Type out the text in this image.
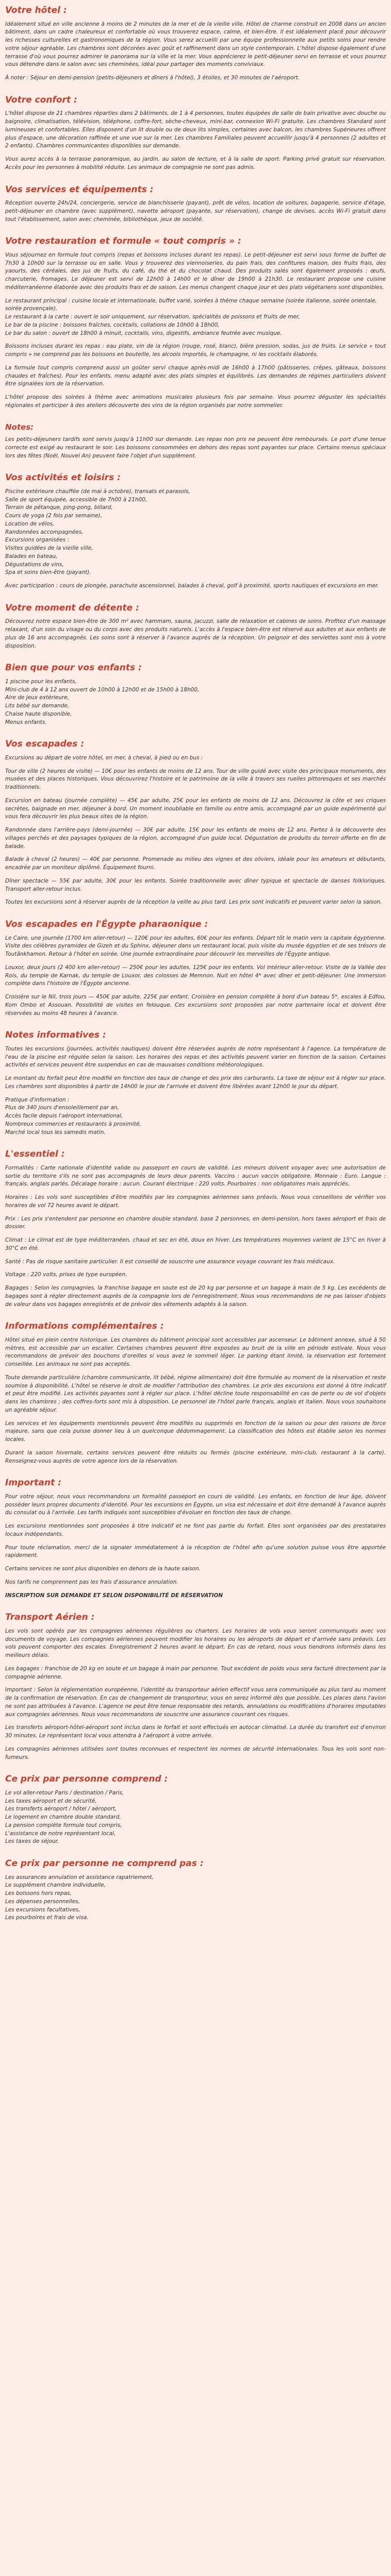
Votre hôtel :

Idéalement situé en ville ancienne à moins de 2 minutes de la mer et de la vieille ville. Hôtel de charme construit en 2008 dans un ancien bâtiment, dans un cadre chaleureux et confortable où vous trouverez espace, calme, et bien-être. Il est idéalement placé pour découvrir les richesses culturelles et gastronomiques de la région. Vous serez accueilli par une équipe professionnelle aux petits soins pour rendre votre séjour agréable. Les chambres sont décorées avec goût et raffinement dans un style contemporain. L'hôtel dispose également d'une terrasse d'où vous pourrez admirer le panorama sur la ville et la mer. Vous apprécierez le petit-déjeuner servi en terrasse et vous pourrez vous détendre dans le salon avec ses cheminées, idéal pour partager des moments conviviaux.

À noter : Séjour en demi-pension (petits-déjeuners et dîners à l'hôtel), 3 étoiles, et 30 minutes de l'aéroport.

Votre confort :

L'hôtel dispose de 21 chambres réparties dans 2 bâtiments, de 1 à 4 personnes, toutes équipées de salle de bain privative avec douche ou baignoire, climatisation, télévision, téléphone, coffre-fort, sèche-cheveux, mini-bar, connexion Wi-Fi gratuite. Les chambres Standard sont lumineuses et confortables. Elles disposent d'un lit double ou de deux lits simples, certaines avec balcon, les chambres Supérieures offrent plus d'espace, une décoration raffinée et une vue sur la mer. Les chambres Familiales peuvent accueillir jusqu'à 4 personnes (2 adultes et 2 enfants). Chambres communicantes disponibles sur demande.

Vous aurez accès à la terrasse panoramique, au jardin, au salon de lecture, et à la salle de sport. Parking privé gratuit sur réservation. Accès pour les personnes à mobilité réduite. Les animaux de compagnie ne sont pas admis.

Vos services et équipements :

Réception ouverte 24h/24, conciergerie, service de blanchisserie (payant), prêt de vélos, location de voitures, bagagerie, service d'étage, petit-déjeuner en chambre (avec supplément), navette aéroport (payante, sur réservation), change de devises, accès Wi-Fi gratuit dans tout l'établissement, salon avec cheminée, bibliothèque, jeux de société.

Votre restauration et formule « tout compris » :

Vous séjournez en formule tout compris (repas et boissons incluses durant les repas). Le petit-déjeuner est servi sous forme de buffet de 7h30 à 10h00 sur la terrasse ou en salle. Vous y trouverez des viennoiseries, du pain frais, des confitures maison, des fruits frais, des yaourts, des céréales, des jus de fruits, du café, du thé et du chocolat chaud. Des produits salés sont également proposés : œufs, charcuterie, fromages. Le déjeuner est servi de 12h00 à 14h00 et le dîner de 19h00 à 21h30. Le restaurant propose une cuisine méditerranéenne élaborée avec des produits frais et de saison. Les menus changent chaque jour et des plats végétariens sont disponibles.

Le restaurant principal : cuisine locale et internationale, buffet varié, soirées à thème chaque semaine (soirée italienne, soirée orientale, soirée provençale),
Le restaurant à la carte : ouvert le soir uniquement, sur réservation, spécialités de poissons et fruits de mer,
Le bar de la piscine : boissons fraîches, cocktails, collations de 10h00 à 18h00,
Le bar du salon : ouvert de 18h00 à minuit, cocktails, vins, digestifs, ambiance feutrée avec musique.

Boissons incluses durant les repas : eau plate, vin de la région (rouge, rosé, blanc), bière pression, sodas, jus de fruits. Le service « tout compris » ne comprend pas les boissons en bouteille, les alcools importés, le champagne, ni les cocktails élaborés.

La formule tout compris comprend aussi un goûter servi chaque après-midi de 16h00 à 17h00 (pâtisseries, crêpes, gâteaux, boissons chaudes et fraîches). Pour les enfants, menu adapté avec des plats simples et équilibrés. Les demandes de régimes particuliers doivent être signalées lors de la réservation.

L'hôtel propose des soirées à thème avec animations musicales plusieurs fois par semaine. Vous pourrez déguster les spécialités régionales et participer à des ateliers découverte des vins de la région organisés par notre sommelier.

Notes:

Les petits-déjeuners tardifs sont servis jusqu'à 11h00 sur demande. Les repas non pris ne peuvent être remboursés. Le port d'une tenue correcte est exigé au restaurant le soir. Les boissons consommées en dehors des repas sont payantes sur place. Certains menus spéciaux lors des fêtes (Noël, Nouvel An) peuvent faire l'objet d'un supplément.

Vos activités et loisirs :
Piscine extérieure chauffée (de mai à octobre), transats et parasols,
Salle de sport équipée, accessible de 7h00 à 21h00,
Terrain de pétanque, ping-pong, billard,
Cours de yoga (2 fois par semaine),
Location de vélos,
Randonnées accompagnées,
Excursions organisées :
Visites guidées de la vieille ville,
Balades en bateau,
Dégustations de vins,
Spa et soins bien-être (payant).

Avec participation : cours de plongée, parachute ascensionnel, balades à cheval, golf à proximité, sports nautiques et excursions en mer.

Votre moment de détente :

Découvrez notre espace bien-être de 300 m² avec hammam, sauna, jacuzzi, salle de relaxation et cabines de soins. Profitez d'un massage relaxant, d'un soin du visage ou du corps avec des produits naturels. L'accès à l'espace bien-être est réservé aux adultes et aux enfants de plus de 16 ans accompagnés. Les soins sont à réserver à l'avance auprès de la réception. Un peignoir et des serviettes sont mis à votre disposition.

Bien que pour vos enfants :
1 piscine pour les enfants,
Mini-club de 4 à 12 ans ouvert de 10h00 à 12h00 et de 15h00 à 18h00,
Aire de jeux extérieure,
Lits bébé sur demande,
Chaise haute disponible,
Menus enfants.
Vos escapades :

Excursions au départ de votre hôtel, en mer, à cheval, à pied ou en bus :

Tour de ville (2 heures de visite) — 10€ pour les enfants de moins de 12 ans. Tour de ville guidé avec visite des principaux monuments, des musées et des places historiques. Vous découvrirez l'histoire et le patrimoine de la ville à travers ses ruelles pittoresques et ses marchés traditionnels.

Excursion en bateau (journée complète) — 45€ par adulte, 25€ pour les enfants de moins de 12 ans. Découvrez la côte et ses criques secrètes, baignade en mer, déjeuner à bord. Un moment inoubliable en famille ou entre amis, accompagné par un guide expérimenté qui vous fera découvrir les plus beaux sites de la région.

Randonnée dans l'arrière-pays (demi-journée) — 30€ par adulte, 15€ pour les enfants de moins de 12 ans. Partez à la découverte des villages perchés et des paysages typiques de la région, accompagné d'un guide local. Dégustation de produits du terroir offerte en fin de balade.

Balade à cheval (2 heures) — 40€ par personne. Promenade au milieu des vignes et des oliviers, idéale pour les amateurs et débutants, encadrée par un moniteur diplômé. Équipement fourni.

Dîner spectacle — 55€ par adulte, 30€ pour les enfants. Soirée traditionnelle avec dîner typique et spectacle de danses folkloriques. Transport aller-retour inclus.

Toutes les excursions sont à réserver auprès de la réception la veille au plus tard. Les prix sont indicatifs et peuvent varier selon la saison.

Vos escapades en l'Égypte pharaonique :

Le Caire, une journée (1700 km aller-retour) — 120€ pour les adultes, 60€ pour les enfants. Départ tôt le matin vers la capitale égyptienne. Visite des célèbres pyramides de Gizeh et du Sphinx, déjeuner dans un restaurant local, puis visite du musée égyptien et de ses trésors de Toutânkhamon. Retour à l'hôtel en soirée. Une journée extraordinaire pour découvrir les merveilles de l'Égypte antique.

Louxor, deux jours (2 400 km aller-retour) — 250€ pour les adultes, 125€ pour les enfants. Vol intérieur aller-retour. Visite de la Vallée des Rois, du temple de Karnak, du temple de Louxor, des colosses de Memnon. Nuit en hôtel 4* avec dîner et petit-déjeuner. Une immersion complète dans l'histoire de l'Égypte ancienne.

Croisière sur le Nil, trois jours — 450€ par adulte, 225€ par enfant. Croisière en pension complète à bord d'un bateau 5*, escales à Edfou, Kom Ombo et Assouan. Possibilité de visites en felouque. Ces excursions sont proposées par notre partenaire local et doivent être réservées au moins 48 heures à l'avance.

Notes informatives :

Toutes les excursions (journées, activités nautiques) doivent être réservées auprès de notre représentant à l'agence. La température de l'eau de la piscine est régulée selon la saison. Les horaires des repas et des activités peuvent varier en fonction de la saison. Certaines activités et services peuvent être suspendus en cas de mauvaises conditions météorologiques.

Le montant du forfait peut être modifié en fonction des taux de change et des prix des carburants. La taxe de séjour est à régler sur place. Les chambres sont disponibles à partir de 14h00 le jour de l'arrivée et doivent être libérées avant 12h00 le jour du départ.

Pratique d'information :
Plus de 340 jours d'ensoleillement par an,
Accès facile depuis l'aéroport international,
Nombreux commerces et restaurants à proximité,
Marché local tous les samedis matin.
L'essentiel :

Formalités : Carte nationale d'identité valide ou passeport en cours de validité. Les mineurs doivent voyager avec une autorisation de sortie du territoire s'ils ne sont pas accompagnés de leurs deux parents. Vaccins : aucun vaccin obligatoire. Monnaie : Euro. Langue : français, anglais parlés. Décalage horaire : aucun. Courant électrique : 220 volts. Pourboires : non obligatoires mais appréciés.

Horaires : Les vols sont susceptibles d'être modifiés par les compagnies aériennes sans préavis. Nous vous conseillons de vérifier vos horaires de vol 72 heures avant le départ.

Prix : Les prix s'entendent par personne en chambre double standard, base 2 personnes, en demi-pension, hors taxes aéroport et frais de dossier.

Climat : Le climat est de type méditerranéen, chaud et sec en été, doux en hiver. Les températures moyennes varient de 15°C en hiver à 30°C en été.

Santé : Pas de risque sanitaire particulier. Il est conseillé de souscrire une assurance voyage couvrant les frais médicaux.

Voltage : 220 volts, prises de type européen.

Bagages : Selon les compagnies, la franchise bagage en soute est de 20 kg par personne et un bagage à main de 5 kg. Les excédents de bagages sont à régler directement auprès de la compagnie lors de l'enregistrement. Nous vous recommandons de ne pas laisser d'objets de valeur dans vos bagages enregistrés et de prévoir des vêtements adaptés à la saison.

Informations complémentaires :

Hôtel situé en plein centre historique. Les chambres du bâtiment principal sont accessibles par ascenseur. Le bâtiment annexe, situé à 50 mètres, est accessible par un escalier. Certaines chambres peuvent être exposées au bruit de la ville en période estivale. Nous vous recommandons de prévoir des bouchons d'oreilles si vous avez le sommeil léger. Le parking étant limité, la réservation est fortement conseillée. Les animaux ne sont pas acceptés.

Toute demande particulière (chambre communicante, lit bébé, régime alimentaire) doit être formulée au moment de la réservation et reste soumise à disponibilité. L'hôtel se réserve le droit de modifier l'attribution des chambres. Le prix des excursions est donné à titre indicatif et peut être modifié. Les activités payantes sont à régler sur place. L'hôtel décline toute responsabilité en cas de perte ou de vol d'objets dans les chambres ; des coffres-forts sont mis à disposition. Le personnel de l'hôtel parle français, anglais et italien. Nous vous souhaitons un agréable séjour.

Les services et les équipements mentionnés peuvent être modifiés ou supprimés en fonction de la saison ou pour des raisons de force majeure, sans que cela puisse donner lieu à un quelconque dédommagement. La classification des hôtels est établie selon les normes locales.

Durant la saison hivernale, certains services peuvent être réduits ou fermés (piscine extérieure, mini-club, restaurant à la carte). Renseignez-vous auprès de votre agence lors de la réservation.

Important :

Pour votre séjour, nous vous recommandons un formalité passeport en cours de validité. Les enfants, en fonction de leur âge, doivent posséder leurs propres documents d'identité. Pour les excursions en Égypte, un visa est nécessaire et doit être demandé à l'avance auprès du consulat ou à l'arrivée. Les tarifs indiqués sont susceptibles d'évoluer en fonction des taux de change.

Les excursions mentionnées sont proposées à titre indicatif et ne font pas partie du forfait. Elles sont organisées par des prestataires locaux indépendants.

Pour toute réclamation, merci de la signaler immédiatement à la réception de l'hôtel afin qu'une solution puisse vous être apportée rapidement.

Certains services ne sont plus disponibles en dehors de la haute saison.

Nos tarifs ne comprennent pas les frais d'assurance annulation.

INSCRIPTION SUR DEMANDE ET SELON DISPONIBILITÉ DE RÉSERVATION

Transport Aérien :

Les vols sont opérés par les compagnies aériennes régulières ou charters. Les horaires de vols vous seront communiqués avec vos documents de voyage. Les compagnies aériennes peuvent modifier les horaires ou les aéroports de départ et d'arrivée sans préavis. Les vols peuvent comporter des escales. Enregistrement 2 heures avant le départ. En cas de retard, nous vous tiendrons informés dans les meilleurs délais.

Les bagages : franchise de 20 kg en soute et un bagage à main par personne. Tout excédent de poids vous sera facturé directement par la compagnie aérienne.

Important : Selon la réglementation européenne, l'identité du transporteur aérien effectif vous sera communiquée au plus tard au moment de la confirmation de réservation. En cas de changement de transporteur, vous en serez informé dès que possible. Les places dans l'avion ne sont pas attribuées à l'avance. L'agence ne peut être tenue responsable des retards, annulations ou modifications d'horaires imputables aux compagnies aériennes. Nous vous recommandons de souscrire une assurance couvrant ces risques.

Les transferts aéroport-hôtel-aéroport sont inclus dans le forfait et sont effectués en autocar climatisé. La durée du transfert est d'environ 30 minutes. Le représentant local vous attendra à l'aéroport à votre arrivée.

Les compagnies aériennes utilisées sont toutes reconnues et respectent les normes de sécurité internationales. Tous les vols sont non-fumeurs.

Ce prix par personne comprend :
Le vol aller-retour Paris / destination / Paris,
Les taxes aéroport et de sécurité,
Les transferts aéroport / hôtel / aéroport,
Le logement en chambre double standard,
La pension complète formule tout compris,
L'assistance de notre représentant local,
Les taxes de séjour.
Ce prix par personne ne comprend pas :
Les assurances annulation et assistance rapatriement,
Le supplément chambre individuelle,
Les boissons hors repas,
Les dépenses personnelles,
Les excursions facultatives,
Les pourboires et frais de visa.
